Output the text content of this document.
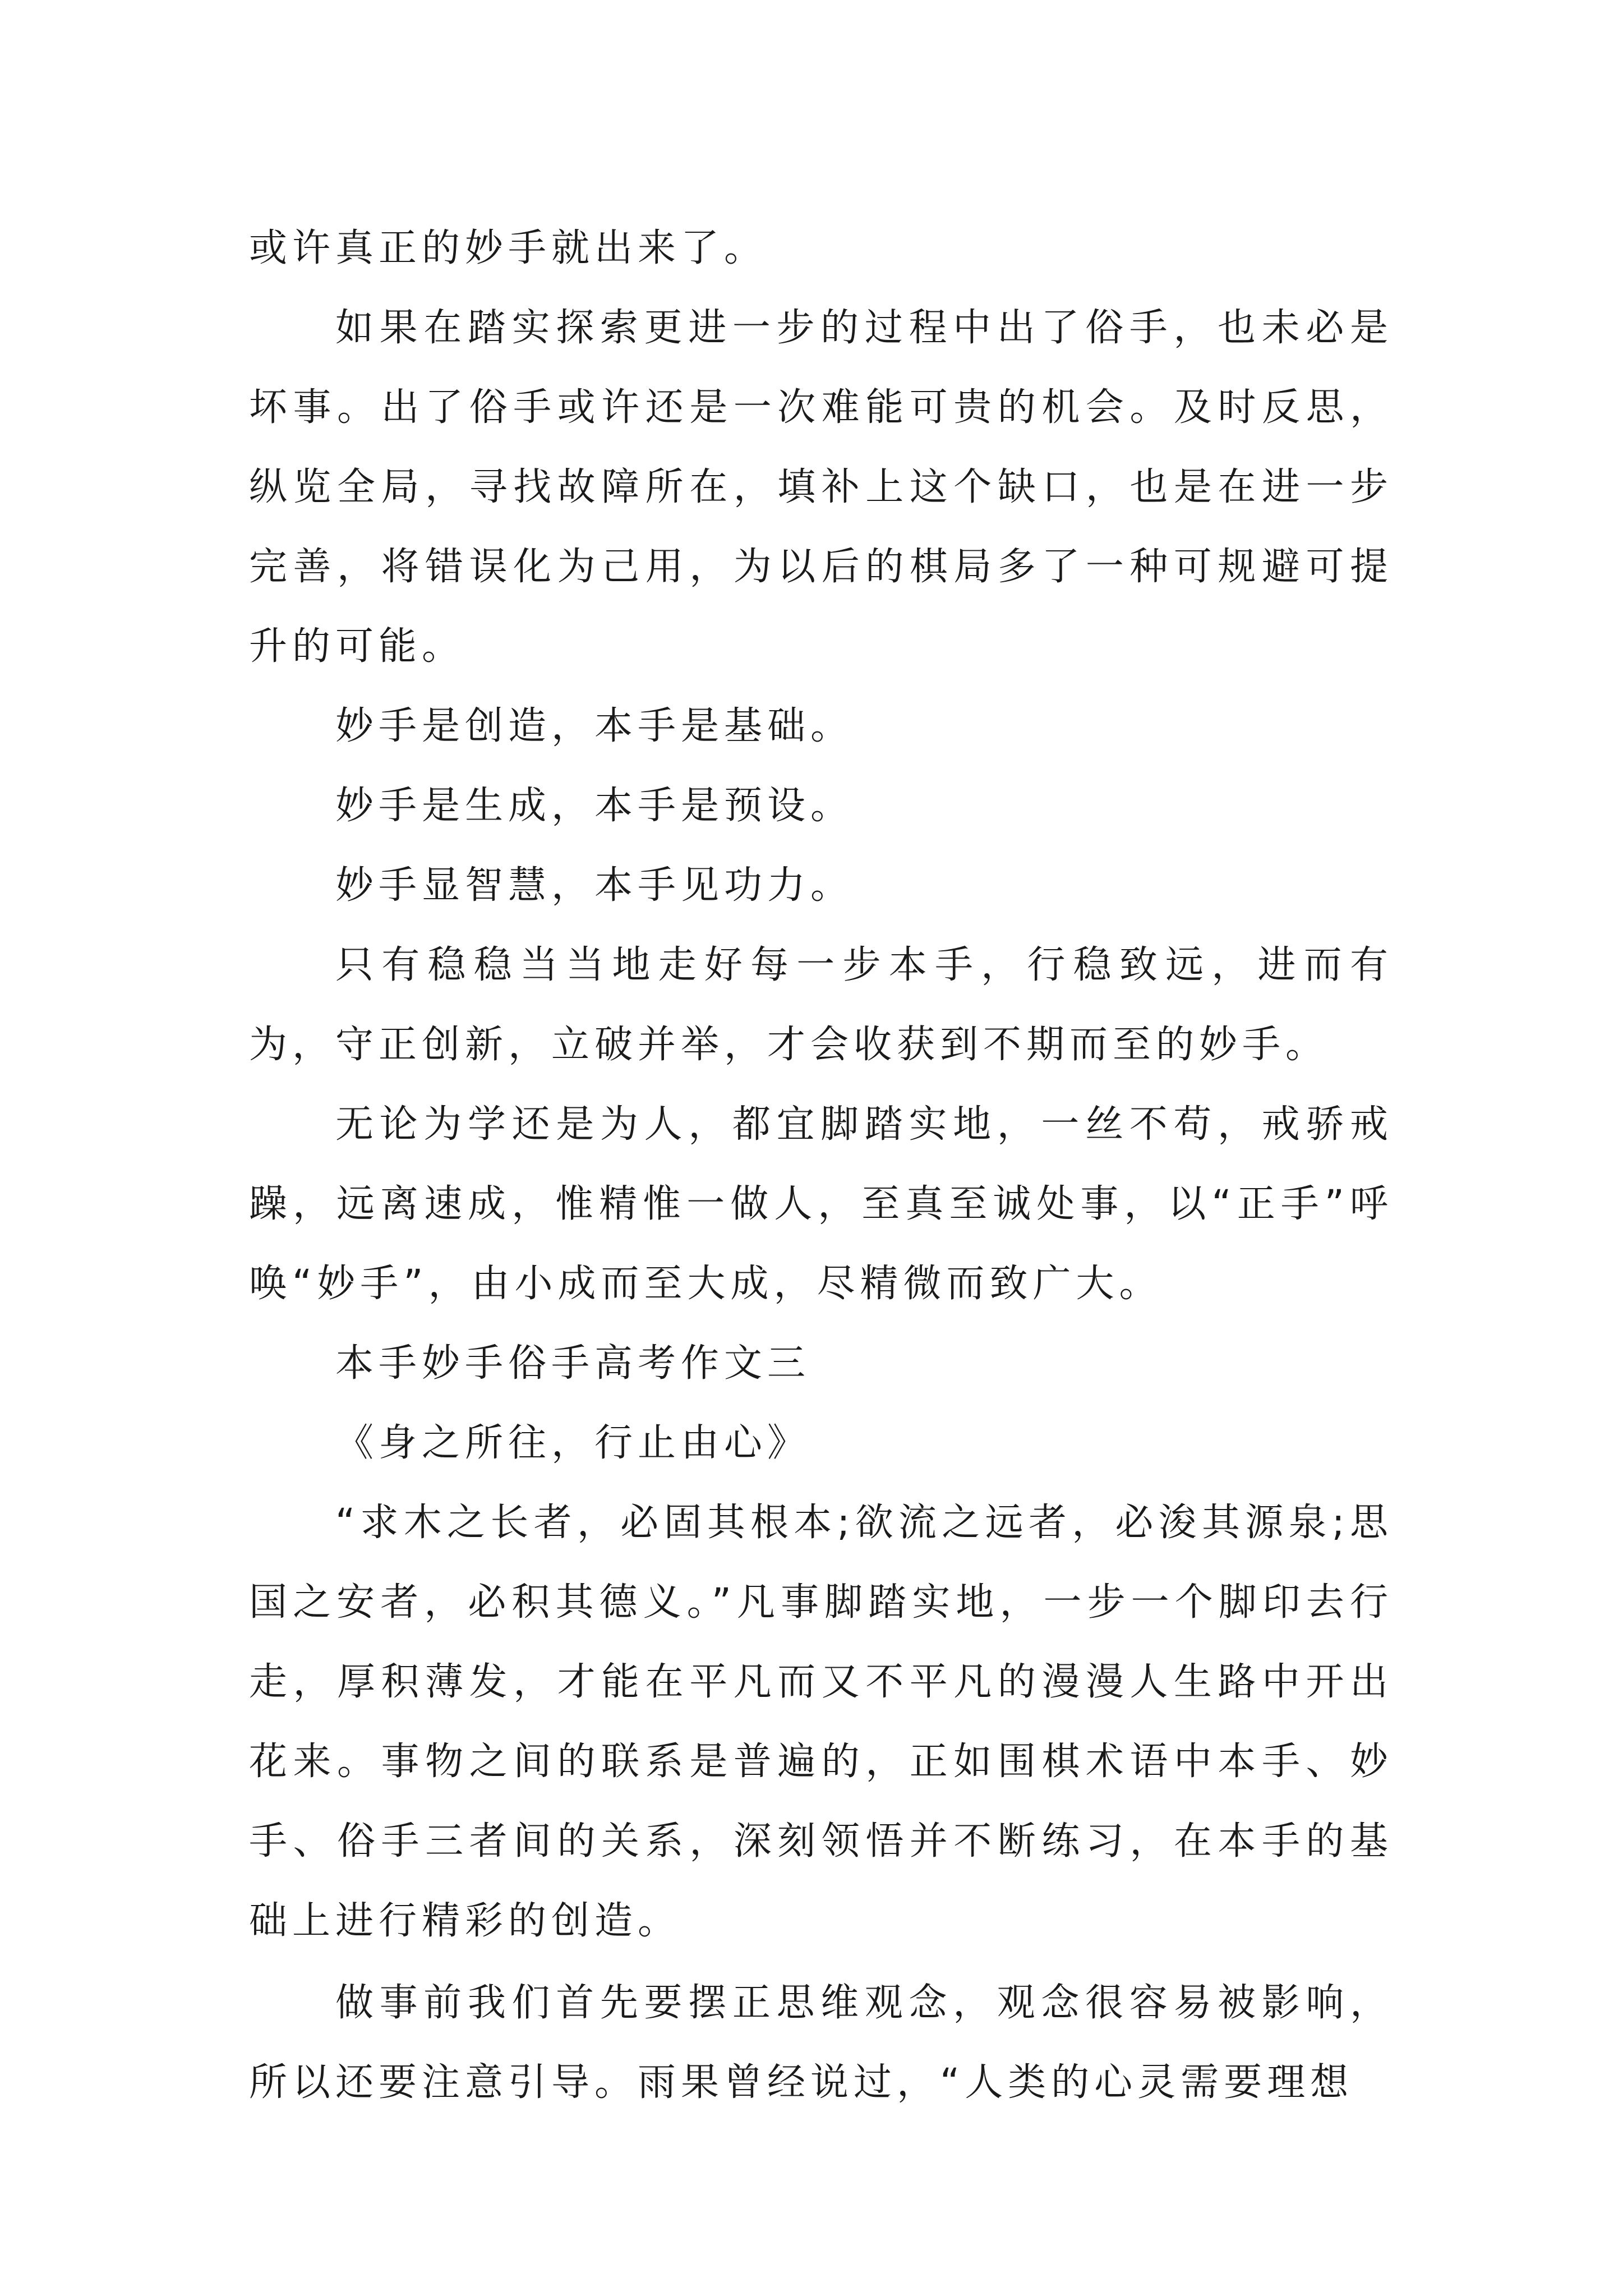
或许真正的妙手就出来了。

如果在踏实探索更进一步的过程中出了俗手，也未必是坏事。出了俗手或许还是一次难能可贵的机会。及时反思，纵览全局，寻找故障所在，填补上这个缺口，也是在进一步完善，将错误化为己用，为以后的棋局多了一种可规避可提升的可能。

妙手是创造，本手是基础。

妙手是生成，本手是预设。

妙手显智慧，本手见功力。

只有稳稳当当地走好每一步本手，行稳致远，进而有为，守正创新，立破并举，才会收获到不期而至的妙手。

无论为学还是为人，都宜脚踏实地，一丝不苟，戒骄戒躁，远离速成，惟精惟一做人，至真至诚处事，以“正手”呼唤“妙手”，由小成而至大成，尽精微而致广大。

本手妙手俗手高考作文三

《身之所往，行止由心》

“求木之长者，必固其根本;欲流之远者，必浚其源泉;思国之安者，必积其德义。”凡事脚踏实地，一步一个脚印去行走，厚积薄发，才能在平凡而又不平凡的漫漫人生路中开出花来。事物之间的联系是普遍的，正如围棋术语中本手、妙手、俗手三者间的关系，深刻领悟并不断练习，在本手的基础上进行精彩的创造。

做事前我们首先要摆正思维观念，观念很容易被影响，所以还要注意引导。雨果曾经说过，“人类的心灵需要理想
